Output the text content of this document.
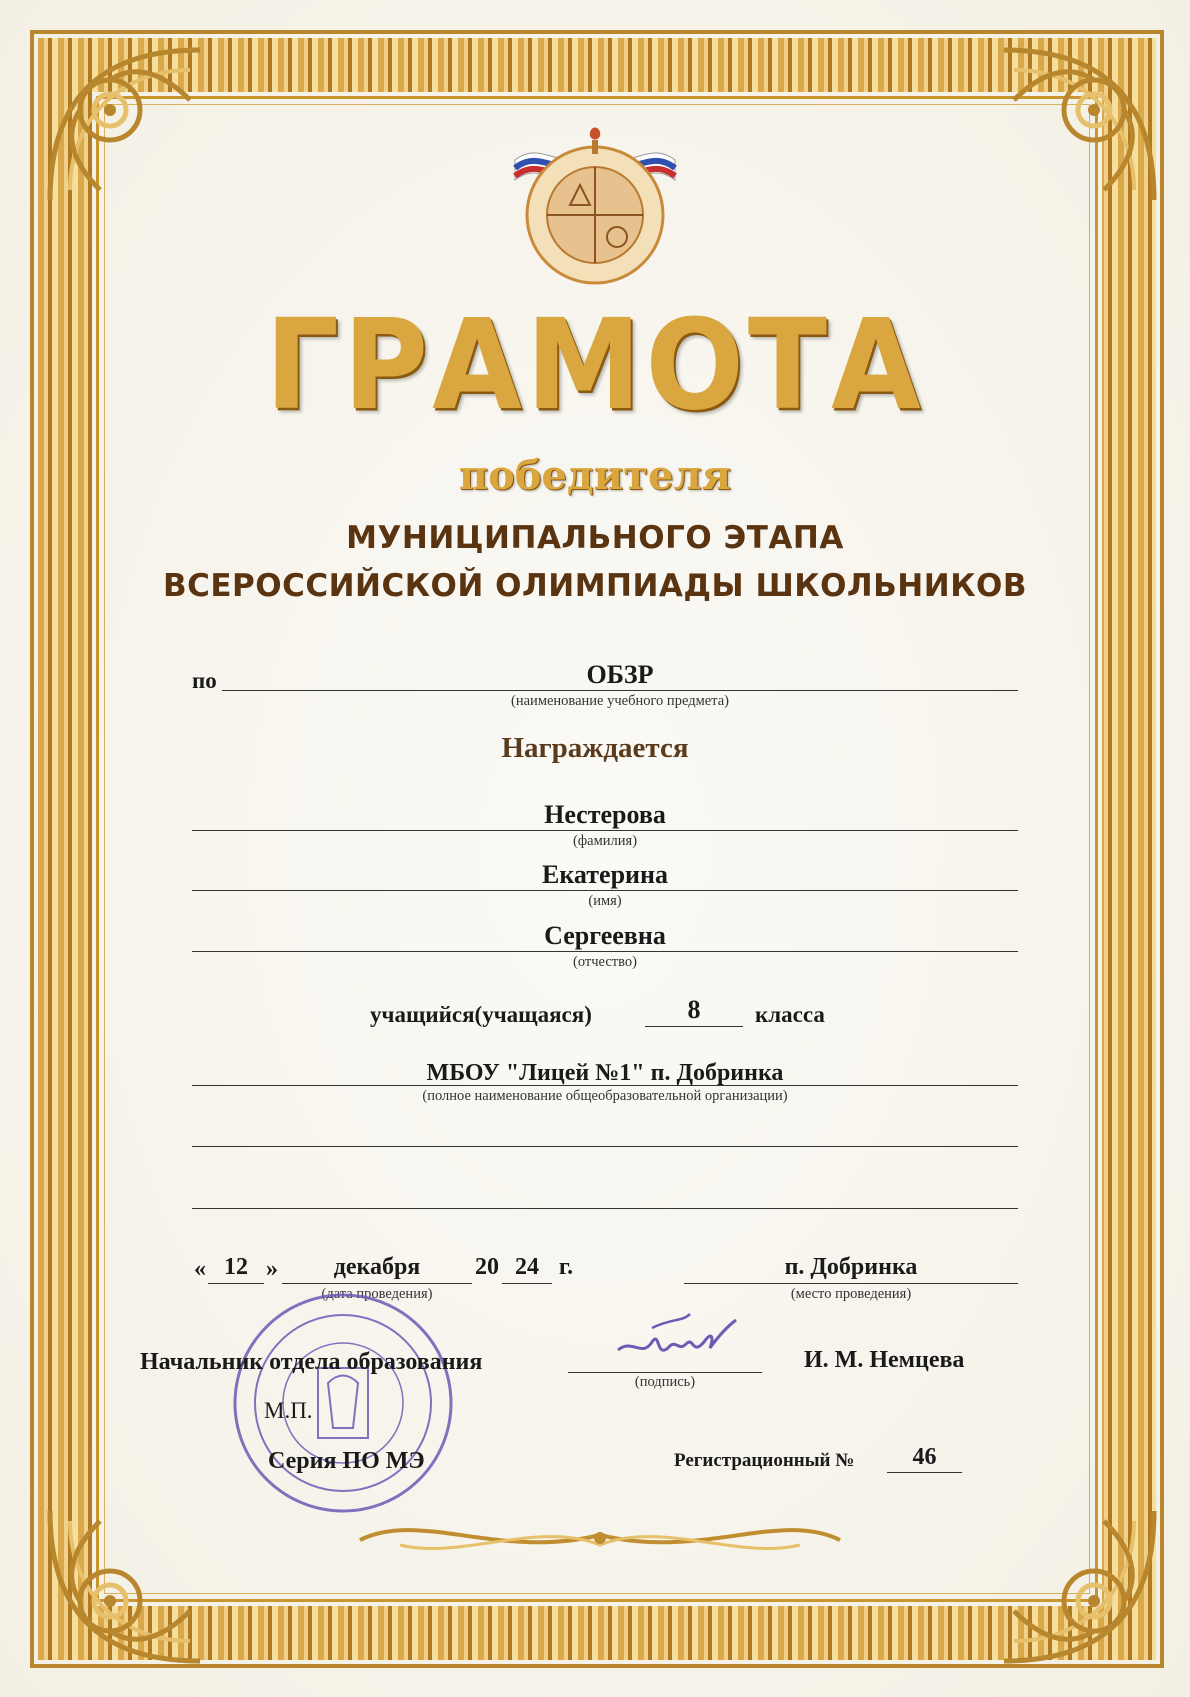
ГРАМОТА
победителя
МУНИЦИПАЛЬНОГО ЭТАПА
ВСЕРОССИЙСКОЙ ОЛИМПИАДЫ ШКОЛЬНИКОВ
по	ОБЗР
(наименование учебного предмета)
Награждается
Нестерова
(фамилия)
Екатерина
(имя)
Сергеевна
(отчество)
учащийся(учащаяся)	8	класса
МБОУ "Лицей №1" п. Добринка
(полное наименование общеобразовательной организации)
« 12 »	декабря
(дата проведения)
20 24 г.	п. Добринка
(место проведения)
Начальник отдела образования
(подпись)
И. М. Немцева
М.П.
Серия ПО МЭ	Регистрационный №	46
